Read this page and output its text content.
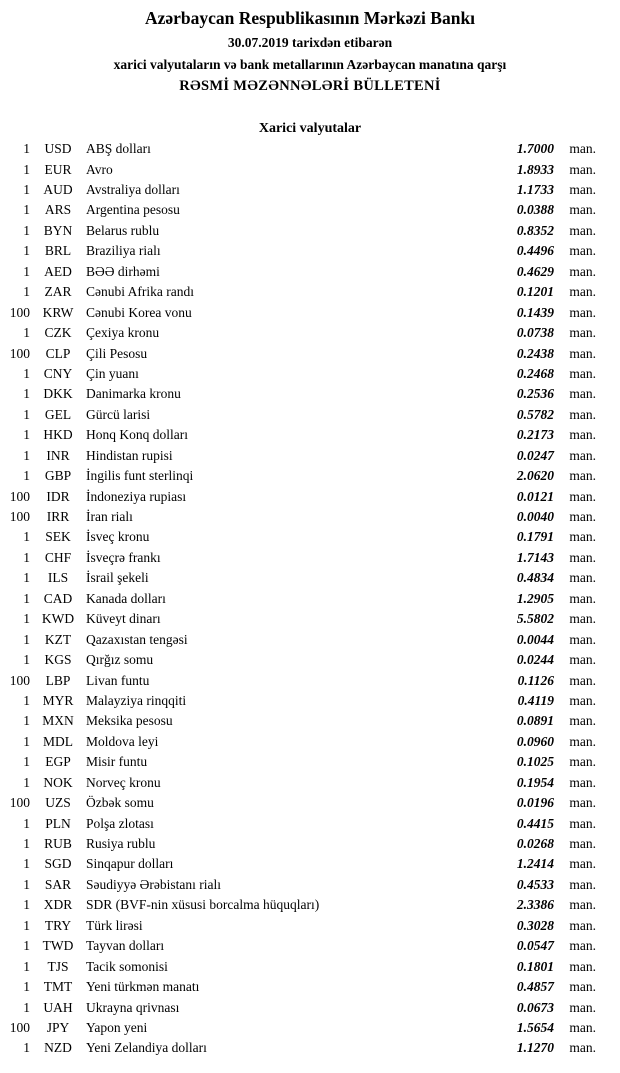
Azərbaycan Respublikasının Mərkəzi Bankı
30.07.2019 tarixdən etibarən
xarici valyutaların və bank metallarının Azərbaycan manatına qarşı
RƏSMİ MƏZƏNNƏLƏRİ BÜLLETENİ
Xarici valyutalar
1	USD	ABŞ dolları	1.7000	man.
1	EUR	Avro	1.8933	man.
1 AUD Avstraliya dolları	1.1733	man.
1	ARS	Argentina pesosu	0.0388	man.
1	BYN	Belarus rublu	0.8352	man.
1	BRL	Braziliya rialı	0.4496	man.
1	AED	BƏƏ dirhəmi	0.4629	man.
1	ZAR	Cənubi Afrika randı	0.1201	man.
100 KRW Cənubi Korea vonu	0.1439	man.
1	CZK	Çexiya kronu	0.0738	man.
100	CLP	Çili Pesosu	0.2438	man.
1	CNY	Çin yuanı	0.2468	man.
1 DKK Danimarka kronu	0.2536	man.
1	GEL	Gürcü larisi	0.5782	man.
1 HKD Honq Konq dolları	0.2173	man.
1	INR	Hindistan rupisi	0.0247	man.
1	GBP	İngilis funt sterlinqi	2.0620	man.
100	IDR	İndoneziya rupiası	0.0121	man.
100	IRR	İran rialı	0.0040	man.
1	SEK	İsveç kronu	0.1791	man.
1	CHF	İsveçrə frankı	1.7143	man.
1	ILS	İsrail şekeli	0.4834	man.
1	CAD	Kanada dolları	1.2905	man.
1 KWD Küveyt dinarı	5.5802	man.
1	KZT	Qazaxıstan tengəsi	0.0044	man.
1	KGS	Qırğız somu	0.0244	man.
100	LBP	Livan funtu	0.1126	man.
1 MYR Malayziya rinqqiti	0.4119	man.
1 MXN Meksika pesosu	0.0891	man.
1 MDL Moldova leyi	0.0960	man.
1	EGP	Misir funtu	0.1025	man.
1 NOK Norveç kronu	0.1954	man.
100	UZS	Özbək somu	0.0196	man.
1	PLN	Polşa zlotası	0.4415	man.
1	RUB	Rusiya rublu	0.0268	man.
1	SGD	Sinqapur dolları	1.2414	man.
1	SAR	Səudiyyə Ərəbistanı rialı	0.4533	man.
1	XDR	SDR (BVF-nin xüsusi borcalma hüquqları)	2.3386	man.
1	TRY	Türk lirəsi	0.3028	man.
1 TWD Tayvan dolları	0.0547	man.
1	TJS	Tacik somonisi	0.1801	man.
1	TMT	Yeni türkmən manatı	0.4857	man.
1 UAH Ukrayna qrivnası	0.0673	man.
100	JPY	Yapon yeni	1.5654	man.
1	NZD	Yeni Zelandiya dolları	1.1270	man.
